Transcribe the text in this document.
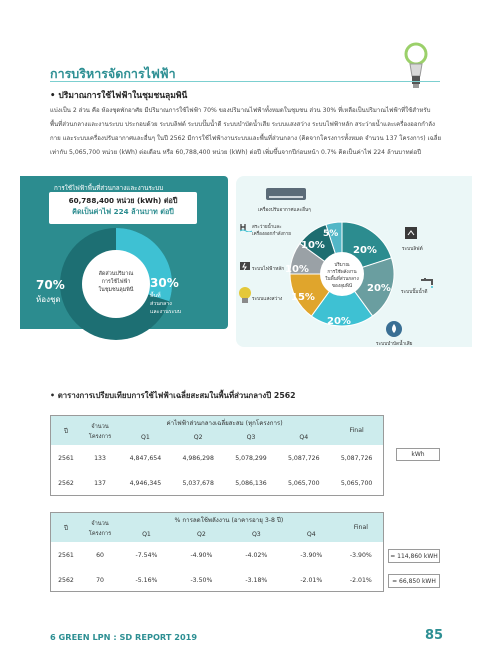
การบริหารจัดการไฟฟ้า
• ปริมาณการใช้ไฟฟ้าในชุมชนลุมพินี
แบ่งเป็น 2 ส่วน คือ ห้องชุดพักอาศัย มีปริมาณการใช้ไฟฟ้า 70% ของปริมาณไฟฟ้าทั้งหมดในชุมชน ส่วน 30% ที่เหลือเป็นปริมาณไฟฟ้าที่ใช้สำหรับพื้นที่ส่วนกลางและงานระบบ ประกอบด้วย ระบบลิฟต์ ระบบปั๊มน้ำดี ระบบบำบัดน้ำเสีย ระบบแสงสว่าง ระบบไฟฟ้าหลัก สระว่ายน้ำและเครื่องออกกำลังกาย และระบบเครื่องปรับอากาศและอื่นๆ ในปี 2562 มีการใช้ไฟฟ้างานระบบและพื้นที่ส่วนกลาง (คิดจากโครงการทั้งหมด จำนวน 137 โครงการ) เฉลี่ยเท่ากับ 5,065,700 หน่วย (kWh) ต่อเดือน หรือ 60,788,400 หน่วย (kWh) ต่อปี เพิ่มขึ้นจากปีก่อนหน้า 0.7% คิดเป็นค่าไฟ 224 ล้านบาทต่อปี
การใช้ไฟฟ้าพื้นที่ส่วนกลางและงานระบบ
60,788,400 หน่วย (kWh) ต่อปี
คิดเป็นค่าไฟ 224 ล้านบาท ต่อปี
70%
ห้องชุด
สัดส่วนปริมาณ
การใช้ไฟฟ้า
ในชุมชนลุมพินี 30%
พื้นที่
ส่วนกลาง
และงานระบบ
ปริมาณ
การใช้พลังงาน
ในพื้นที่ส่วนกลาง
ของลุมพินี
20%
20%
20%
15%
10%
10%
5%
เครื่องปรับอากาศและอื่นๆ
สระว่ายน้ำและ
เครื่องออกกำลังกาย
ระบบไฟฟ้าหลัก
ระบบแสงสว่าง
ระบบลิฟต์
ระบบปั๊มน้ำดี
ระบบบำบัดน้ำเสีย
• ตารางการเปรียบเทียบการใช้ไฟฟ้าเฉลี่ยสะสมในพื้นที่ส่วนกลางปี 2562
ปี	จำนวนโครงการ	ค่าไฟฟ้าส่วนกลางเฉลี่ยสะสม (ทุกโครงการ)				Final
		Q1	Q2	Q3	Q4	
2561	133	4,847,654	4,986,298	5,078,299	5,087,726	5,087,726
2562	137	4,946,345	5,037,678	5,086,136	5,065,700	5,065,700
kWh
ปี	จำนวนโครงการ	% การลดใช้พลังงาน (อาคารอายุ 3-8 ปี)				Final
		Q1	Q2	Q3	Q4	
2561	60	-7.54%	-4.90%	-4.02%	-3.90%	-3.90%
2562	70	-5.16%	-3.50%	-3.18%	-2.01%	-2.01%
= 114,860 kWH
= 66,850 kWH
6 GREEN LPN : SD REPORT 2019	85
